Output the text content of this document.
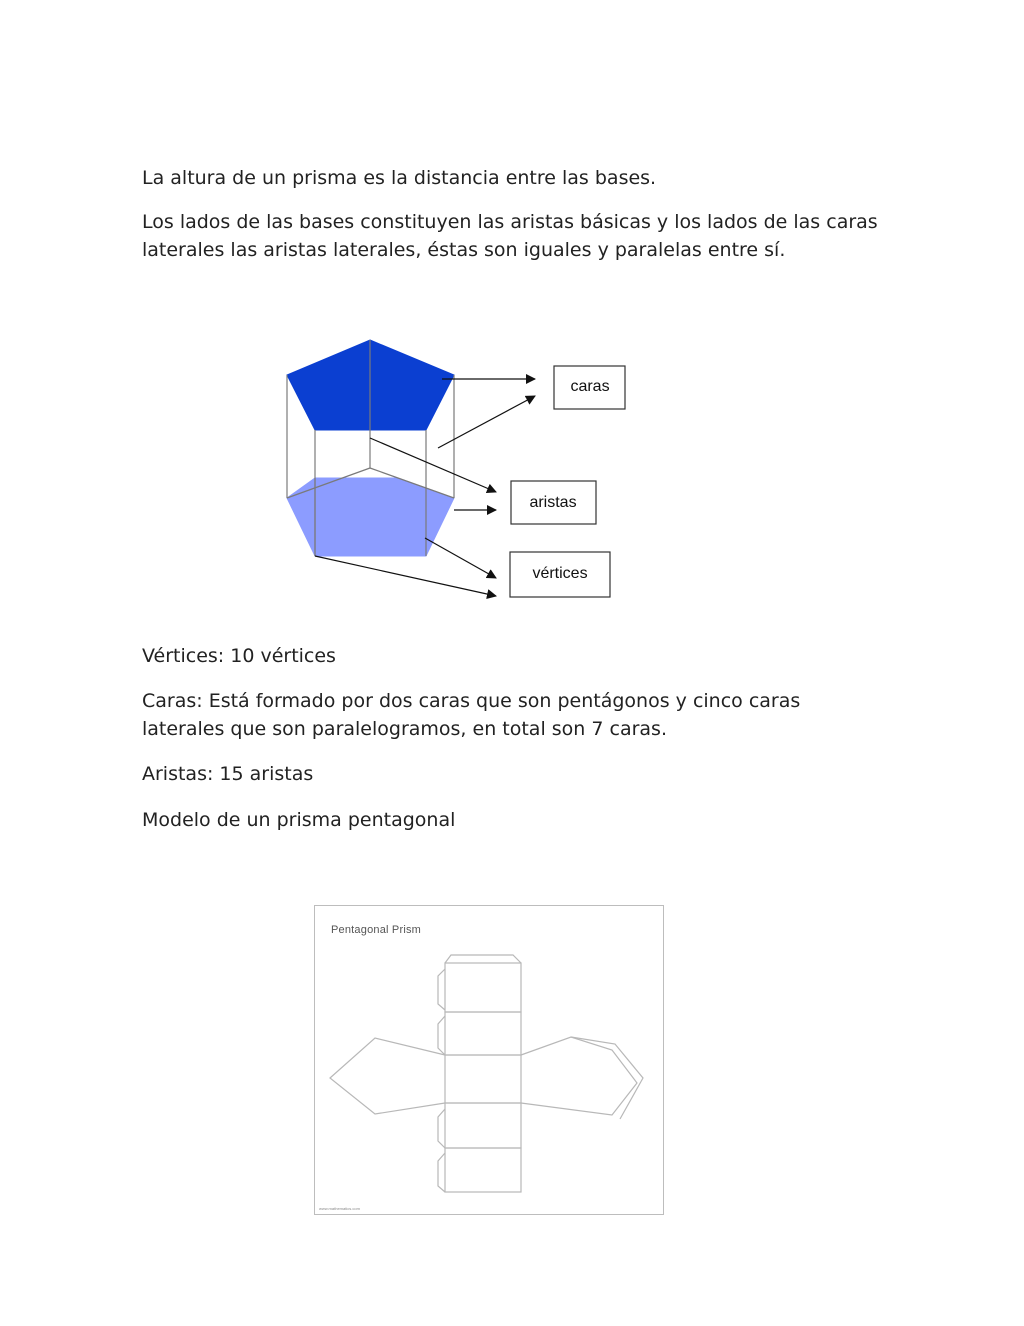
La altura de un prisma es la distancia entre las bases.

Los lados de las bases constituyen las aristas básicas y los lados de las caras
laterales las aristas laterales, éstas son iguales y paralelas entre sí.

caras
aristas
vértices

Vértices: 10 vértices

Caras: Está formado por dos caras que son pentágonos y cinco caras
laterales que son paralelogramos, en total son 7 caras.

Aristas: 15 aristas

Modelo de un prisma pentagonal

Pentagonal Prism
www.mathematics.com
